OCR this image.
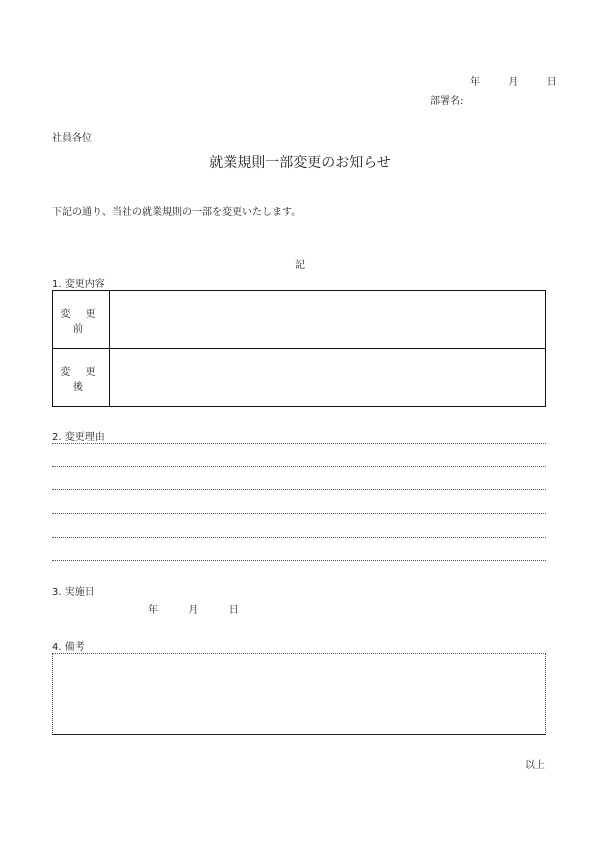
年	月	日
部署名:
社員各位
就業規則一部変更のお知らせ
下記の通り、当社の就業規則の一部を変更いたします。
記
1. 変更内容
変 更 前	
変 更 後	
2. 変更理由
3. 実施日
年	月	日
4. 備考
以上
